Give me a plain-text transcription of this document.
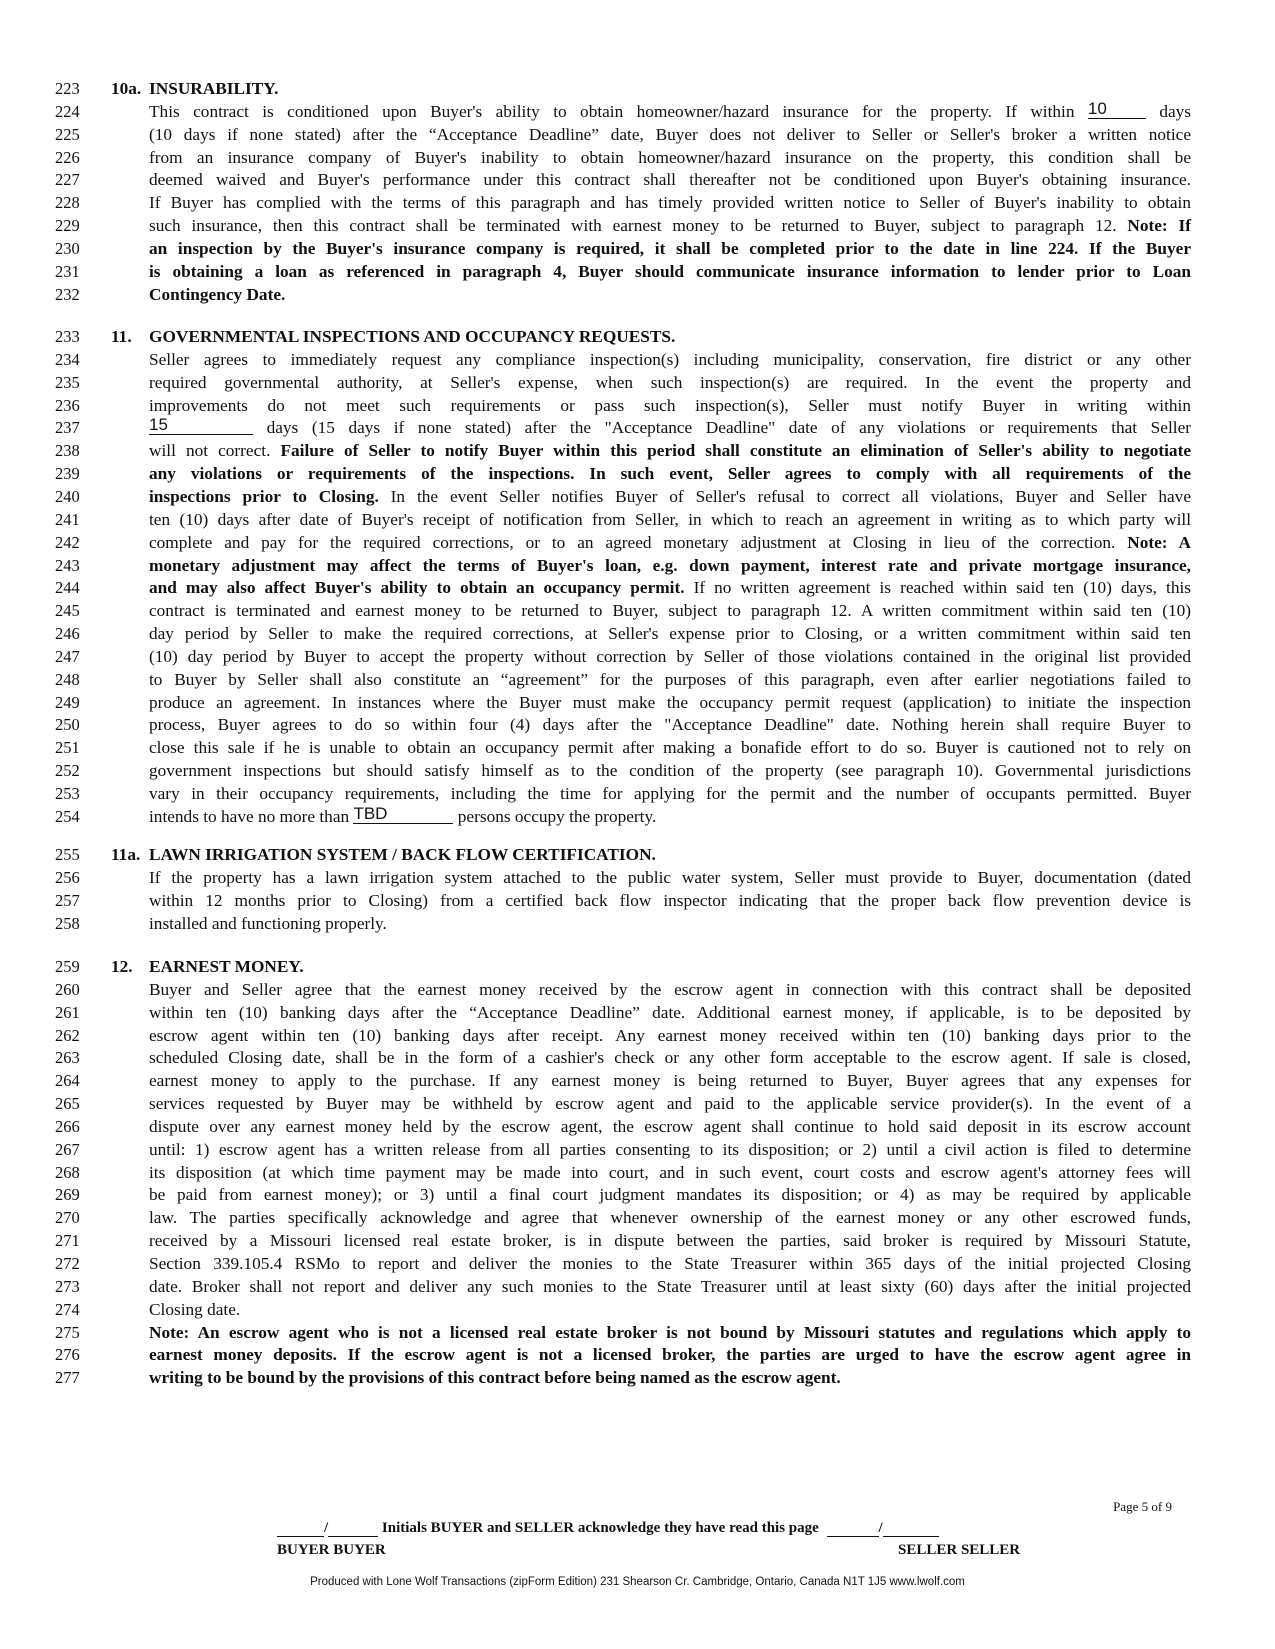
223 10a. INSURABILITY.
224	This contract is conditioned upon Buyer's ability to obtain homeowner/hazard insurance for the property. If within 10 days
225	(10 days if none stated) after the “Acceptance Deadline” date, Buyer does not deliver to Seller or Seller's broker a written notice
226	from an insurance company of Buyer's inability to obtain homeowner/hazard insurance on the property, this condition shall be
227	deemed waived and Buyer's performance under this contract shall thereafter not be conditioned upon Buyer's obtaining insurance.
228	If Buyer has complied with the terms of this paragraph and has timely provided written notice to Seller of Buyer's inability to obtain
229	such insurance, then this contract shall be terminated with earnest money to be returned to Buyer, subject to paragraph 12. Note: If
230	an inspection by the Buyer's insurance company is required, it shall be completed prior to the date in line 224. If the Buyer
231	is obtaining a loan as referenced in paragraph 4, Buyer should communicate insurance information to lender prior to Loan
232	Contingency Date.
233 11. GOVERNMENTAL INSPECTIONS AND OCCUPANCY REQUESTS.
234	Seller agrees to immediately request any compliance inspection(s) including municipality, conservation, fire district or any other
235	required governmental authority, at Seller's expense, when such inspection(s) are required. In the event the property and
236	improvements do not meet such requirements or pass such inspection(s), Seller must notify Buyer in writing within
237	15	days (15 days if none stated) after the "Acceptance Deadline" date of any violations or requirements that Seller
238	will not correct. Failure of Seller to notify Buyer within this period shall constitute an elimination of Seller's ability to negotiate
239	any violations or requirements of the inspections. In such event, Seller agrees to comply with all requirements of the
240	inspections prior to Closing. In the event Seller notifies Buyer of Seller's refusal to correct all violations, Buyer and Seller have
241	ten (10) days after date of Buyer's receipt of notification from Seller, in which to reach an agreement in writing as to which party will
242	complete and pay for the required corrections, or to an agreed monetary adjustment at Closing in lieu of the correction. Note: A
243	monetary adjustment may affect the terms of Buyer's loan, e.g. down payment, interest rate and private mortgage insurance,
244	and may also affect Buyer's ability to obtain an occupancy permit. If no written agreement is reached within said ten (10) days, this
245	contract is terminated and earnest money to be returned to Buyer, subject to paragraph 12. A written commitment within said ten (10)
246	day period by Seller to make the required corrections, at Seller's expense prior to Closing, or a written commitment within said ten
247	(10) day period by Buyer to accept the property without correction by Seller of those violations contained in the original list provided
248	to Buyer by Seller shall also constitute an “agreement” for the purposes of this paragraph, even after earlier negotiations failed to
249	produce an agreement. In instances where the Buyer must make the occupancy permit request (application) to initiate the inspection
250	process, Buyer agrees to do so within four (4) days after the "Acceptance Deadline" date. Nothing herein shall require Buyer to
251	close this sale if he is unable to obtain an occupancy permit after making a bonafide effort to do so. Buyer is cautioned not to rely on
252	government inspections but should satisfy himself as to the condition of the property (see paragraph 10). Governmental jurisdictions
253	vary in their occupancy requirements, including the time for applying for the permit and the number of occupants permitted. Buyer
254	intends to have no more than TBD	persons occupy the property.
255 11a. LAWN IRRIGATION SYSTEM / BACK FLOW CERTIFICATION.
256	If the property has a lawn irrigation system attached to the public water system, Seller must provide to Buyer, documentation (dated
257	within 12 months prior to Closing) from a certified back flow inspector indicating that the proper back flow prevention device is
258	installed and functioning properly.
259 12. EARNEST MONEY.
260	Buyer and Seller agree that the earnest money received by the escrow agent in connection with this contract shall be deposited
261	within ten (10) banking days after the “Acceptance Deadline” date. Additional earnest money, if applicable, is to be deposited by
262	escrow agent within ten (10) banking days after receipt. Any earnest money received within ten (10) banking days prior to the
263	scheduled Closing date, shall be in the form of a cashier's check or any other form acceptable to the escrow agent. If sale is closed,
264	earnest money to apply to the purchase. If any earnest money is being returned to Buyer, Buyer agrees that any expenses for
265	services requested by Buyer may be withheld by escrow agent and paid to the applicable service provider(s). In the event of a
266	dispute over any earnest money held by the escrow agent, the escrow agent shall continue to hold said deposit in its escrow account
267	until: 1) escrow agent has a written release from all parties consenting to its disposition; or 2) until a civil action is filed to determine
268	its disposition (at which time payment may be made into court, and in such event, court costs and escrow agent's attorney fees will
269	be paid from earnest money); or 3) until a final court judgment mandates its disposition; or 4) as may be required by applicable
270	law. The parties specifically acknowledge and agree that whenever ownership of the earnest money or any other escrowed funds,
271	received by a Missouri licensed real estate broker, is in dispute between the parties, said broker is required by Missouri Statute,
272	Section 339.105.4 RSMo to report and deliver the monies to the State Treasurer within 365 days of the initial projected Closing
273	date. Broker shall not report and deliver any such monies to the State Treasurer until at least sixty (60) days after the initial projected
274	Closing date.
275	Note: An escrow agent who is not a licensed real estate broker is not bound by Missouri statutes and regulations which apply to
276	earnest money deposits. If the escrow agent is not a licensed broker, the parties are urged to have the escrow agent agree in
277	writing to be bound by the provisions of this contract before being named as the escrow agent.
Page 5 of 9
/	Initials BUYER and SELLER acknowledge they have read this page	/
BUYER BUYER	SELLER SELLER
Produced with Lone Wolf Transactions (zipForm Edition) 231 Shearson Cr. Cambridge, Ontario, Canada N1T 1J5 www.lwolf.com
